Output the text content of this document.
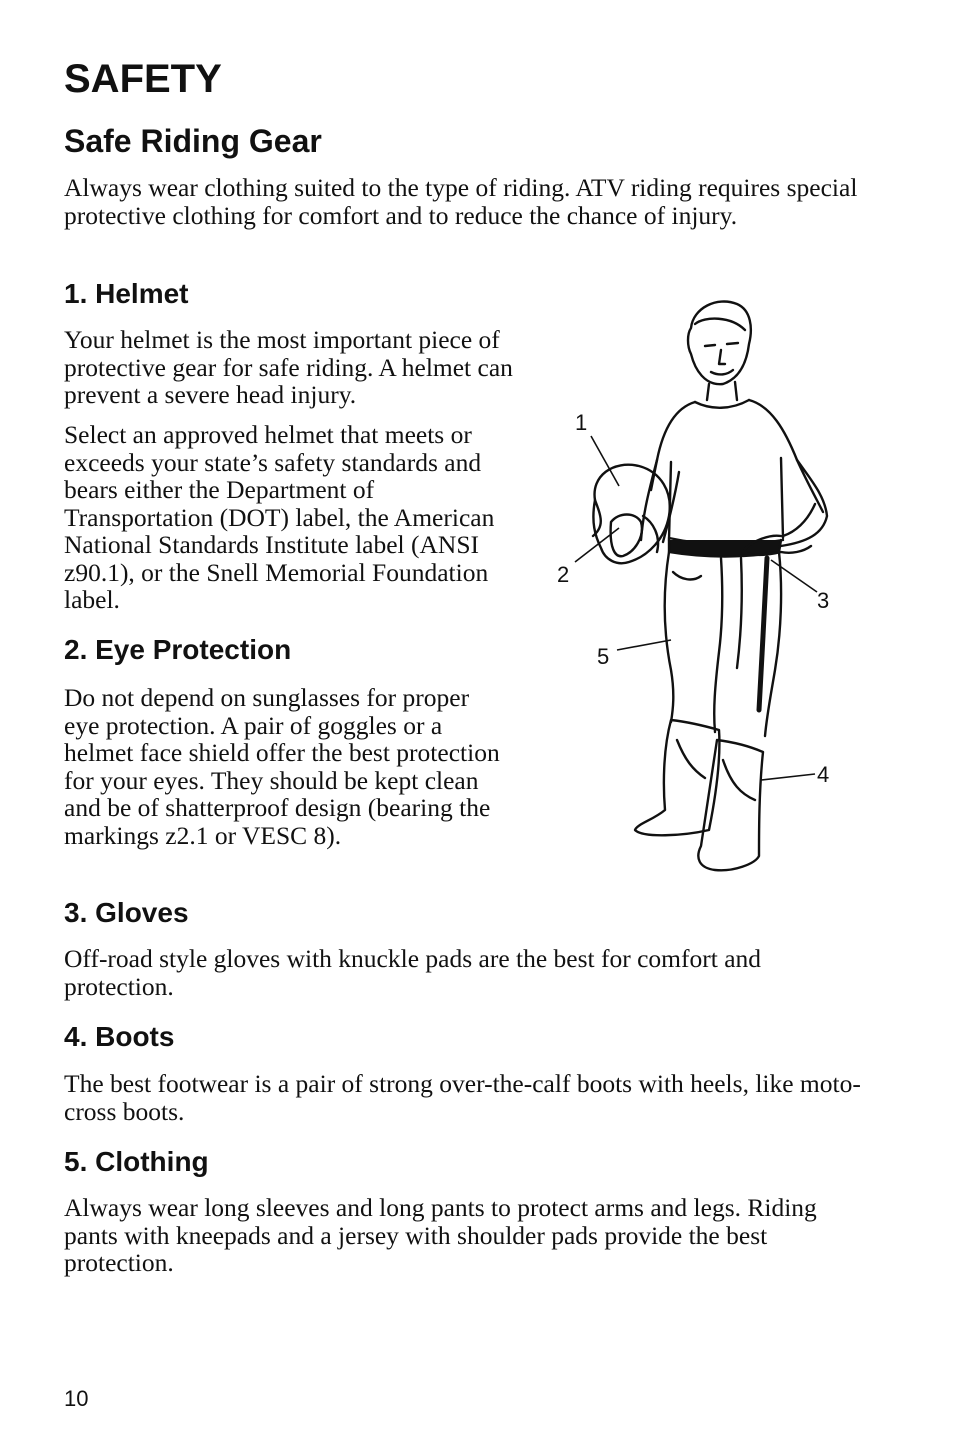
SAFETY
Safe Riding Gear

Always wear clothing suited to the type of riding. ATV riding requires special protective clothing for comfort and to reduce the chance of injury.

1. Helmet

Your helmet is the most important piece of protective gear for safe riding. A helmet can prevent a severe head injury.

Select an approved helmet that meets or exceeds your state’s safety standards and bears either the Department of Transportation (DOT) label, the American National Standards Institute label (ANSI z90.1), or the Snell Memorial Foundation label.

2. Eye Protection

Do not depend on sunglasses for proper eye protection. A pair of goggles or a helmet face shield offer the best protection for your eyes. They should be kept clean and be of shatterproof design (bearing the markings z2.1 or VESC 8).

3. Gloves

Off-road style gloves with knuckle pads are the best for comfort and protection.

4. Boots

The best footwear is a pair of strong over-the-calf boots with heels, like moto-cross boots.

5. Clothing

Always wear long sleeves and long pants to protect arms and legs. Riding pants with kneepads and a jersey with shoulder pads provide the best protection.

1
2
3
4
5
10
